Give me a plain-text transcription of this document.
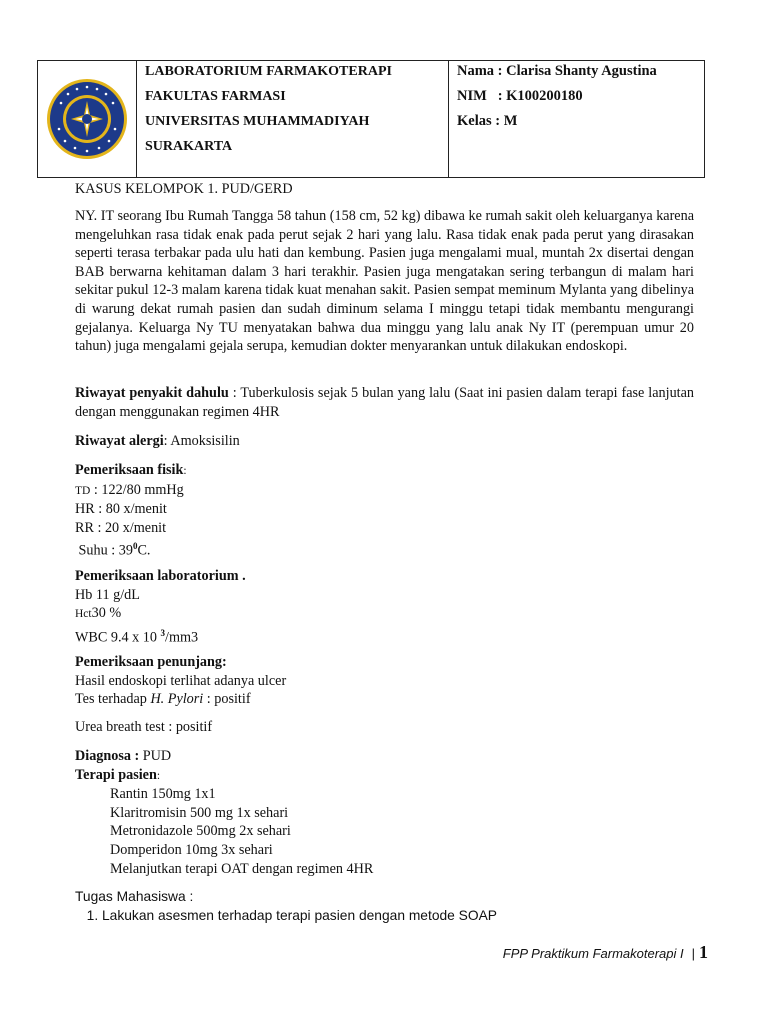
LABORATORIUM FARMAKOTERAPI
FAKULTAS FARMASI
UNIVERSITAS MUHAMMADIYAH
SURAKARTA
Nama : Clarisa Shanty Agustina
NIM : K100200180
Kelas : M
KASUS KELOMPOK 1. PUD/GERD
NY. IT seorang Ibu Rumah Tangga 58 tahun (158 cm, 52 kg) dibawa ke rumah sakit oleh keluarganya karena mengeluhkan rasa tidak enak pada perut sejak 2 hari yang lalu. Rasa tidak enak pada perut yang dirasakan seperti terasa terbakar pada ulu hati dan kembung. Pasien juga mengalami mual, muntah 2x disertai dengan BAB berwarna kehitaman dalam 3 hari terakhir. Pasien juga mengatakan sering terbangun di malam hari sekitar pukul 12-3 malam karena tidak kuat menahan sakit. Pasien sempat meminum Mylanta yang dibelinya di warung dekat rumah pasien dan sudah diminum selama I minggu tetapi tidak membantu mengurangi gejalanya. Keluarga Ny TU menyatakan bahwa dua minggu yang lalu anak Ny IT (perempuan umur 20 tahun) juga mengalami gejala serupa, kemudian dokter menyarankan untuk dilakukan endoskopi.
Riwayat penyakit dahulu : Tuberkulosis sejak 5 bulan yang lalu (Saat ini pasien dalam terapi fase lanjutan dengan menggunakan regimen 4HR
Riwayat alergi: Amoksisilin
Pemeriksaan fisik:
TD : 122/80 mmHg
HR : 80 x/menit
RR : 20 x/menit
Suhu : $39^0C$.
Pemeriksaan laboratorium .
Hb 11 g/dL
Hct30 %
WBC 9.4 x 10 $^3$/mm3
Pemeriksaan penunjang:
Hasil endoskopi terlihat adanya ulcer
Tes terhadap H. Pylori : positif
Urea breath test : positif
Diagnosa : PUD
Terapi pasien:
Rantin 150mg 1x1
Klaritromisin 500 mg 1x sehari
Metronidazole 500mg 2x sehari
Domperidon 10mg 3x sehari
Melanjutkan terapi OAT dengan regimen 4HR
Tugas Mahasiswa :
1. Lakukan asesmen terhadap terapi pasien dengan metode SOAP
FPP Praktikum Farmakoterapi I | 1
